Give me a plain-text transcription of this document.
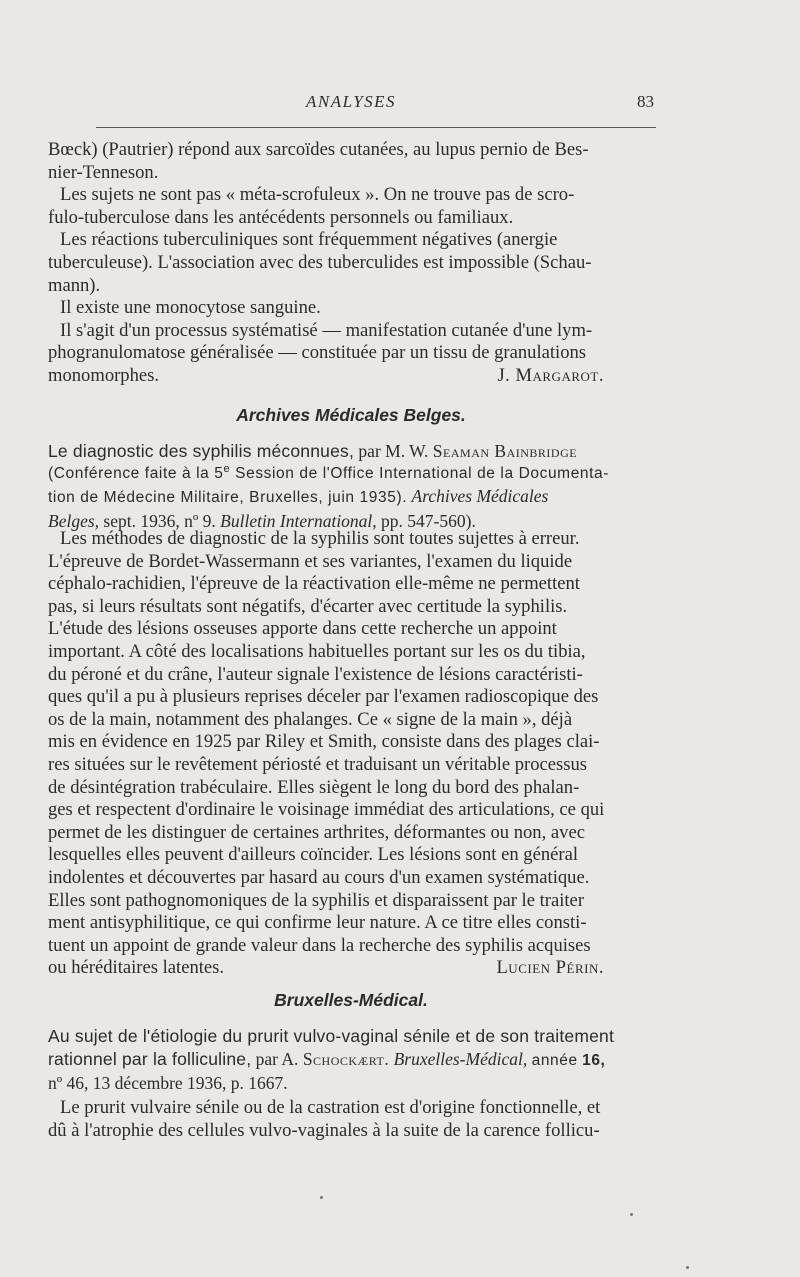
ANALYSES	83

Bœck) (Pautrier) répond aux sarcoïdes cutanées, au lupus pernio de Bes-

nier-Tenneson.

Les sujets ne sont pas « méta-scrofuleux ». On ne trouve pas de scro-

fulo-tuberculose dans les antécédents personnels ou familiaux.

Les réactions tuberculiniques sont fréquemment négatives (anergie

tuberculeuse). L'association avec des tuberculides est impossible (Schau-

mann).

Il existe une monocytose sanguine.

Il s'agit d'un processus systématisé — manifestation cutanée d'une lym-

phogranulomatose généralisée — constituée par un tissu de granulations

monomorphes.	J. Margarot.
Archives Médicales Belges.

Le diagnostic des syphilis méconnues, par M. W. Seaman Bainbridge

(Conférence faite à la 5e Session de l'Office International de la Documenta-

tion de Médecine Militaire, Bruxelles, juin 1935). Archives Médicales

Belges, sept. 1936, nº 9. Bulletin International, pp. 547-560).

Les méthodes de diagnostic de la syphilis sont toutes sujettes à erreur.

L'épreuve de Bordet-Wassermann et ses variantes, l'examen du liquide

céphalo-rachidien, l'épreuve de la réactivation elle-même ne permettent

pas, si leurs résultats sont négatifs, d'écarter avec certitude la syphilis.

L'étude des lésions osseuses apporte dans cette recherche un appoint

important. A côté des localisations habituelles portant sur les os du tibia,

du péroné et du crâne, l'auteur signale l'existence de lésions caractéristi-

ques qu'il a pu à plusieurs reprises déceler par l'examen radioscopique des

os de la main, notamment des phalanges. Ce « signe de la main », déjà

mis en évidence en 1925 par Riley et Smith, consiste dans des plages clai-

res situées sur le revêtement périosté et traduisant un véritable processus

de désintégration trabéculaire. Elles siègent le long du bord des phalan-

ges et respectent d'ordinaire le voisinage immédiat des articulations, ce qui

permet de les distinguer de certaines arthrites, déformantes ou non, avec

lesquelles elles peuvent d'ailleurs coïncider. Les lésions sont en général

indolentes et découvertes par hasard au cours d'un examen systématique.

Elles sont pathognomoniques de la syphilis et disparaissent par le traiter

ment antisyphilitique, ce qui confirme leur nature. A ce titre elles consti-

tuent un appoint de grande valeur dans la recherche des syphilis acquises

ou héréditaires latentes.	Lucien Périn.
Bruxelles-Médical.

Au sujet de l'étiologie du prurit vulvo-vaginal sénile et de son traitement

rationnel par la folliculine, par A. Schockært. Bruxelles-Médical, année 16,

nº 46, 13 décembre 1936, p. 1667.

Le prurit vulvaire sénile ou de la castration est d'origine fonctionnelle, et

dû à l'atrophie des cellules vulvo-vaginales à la suite de la carence follicu-
